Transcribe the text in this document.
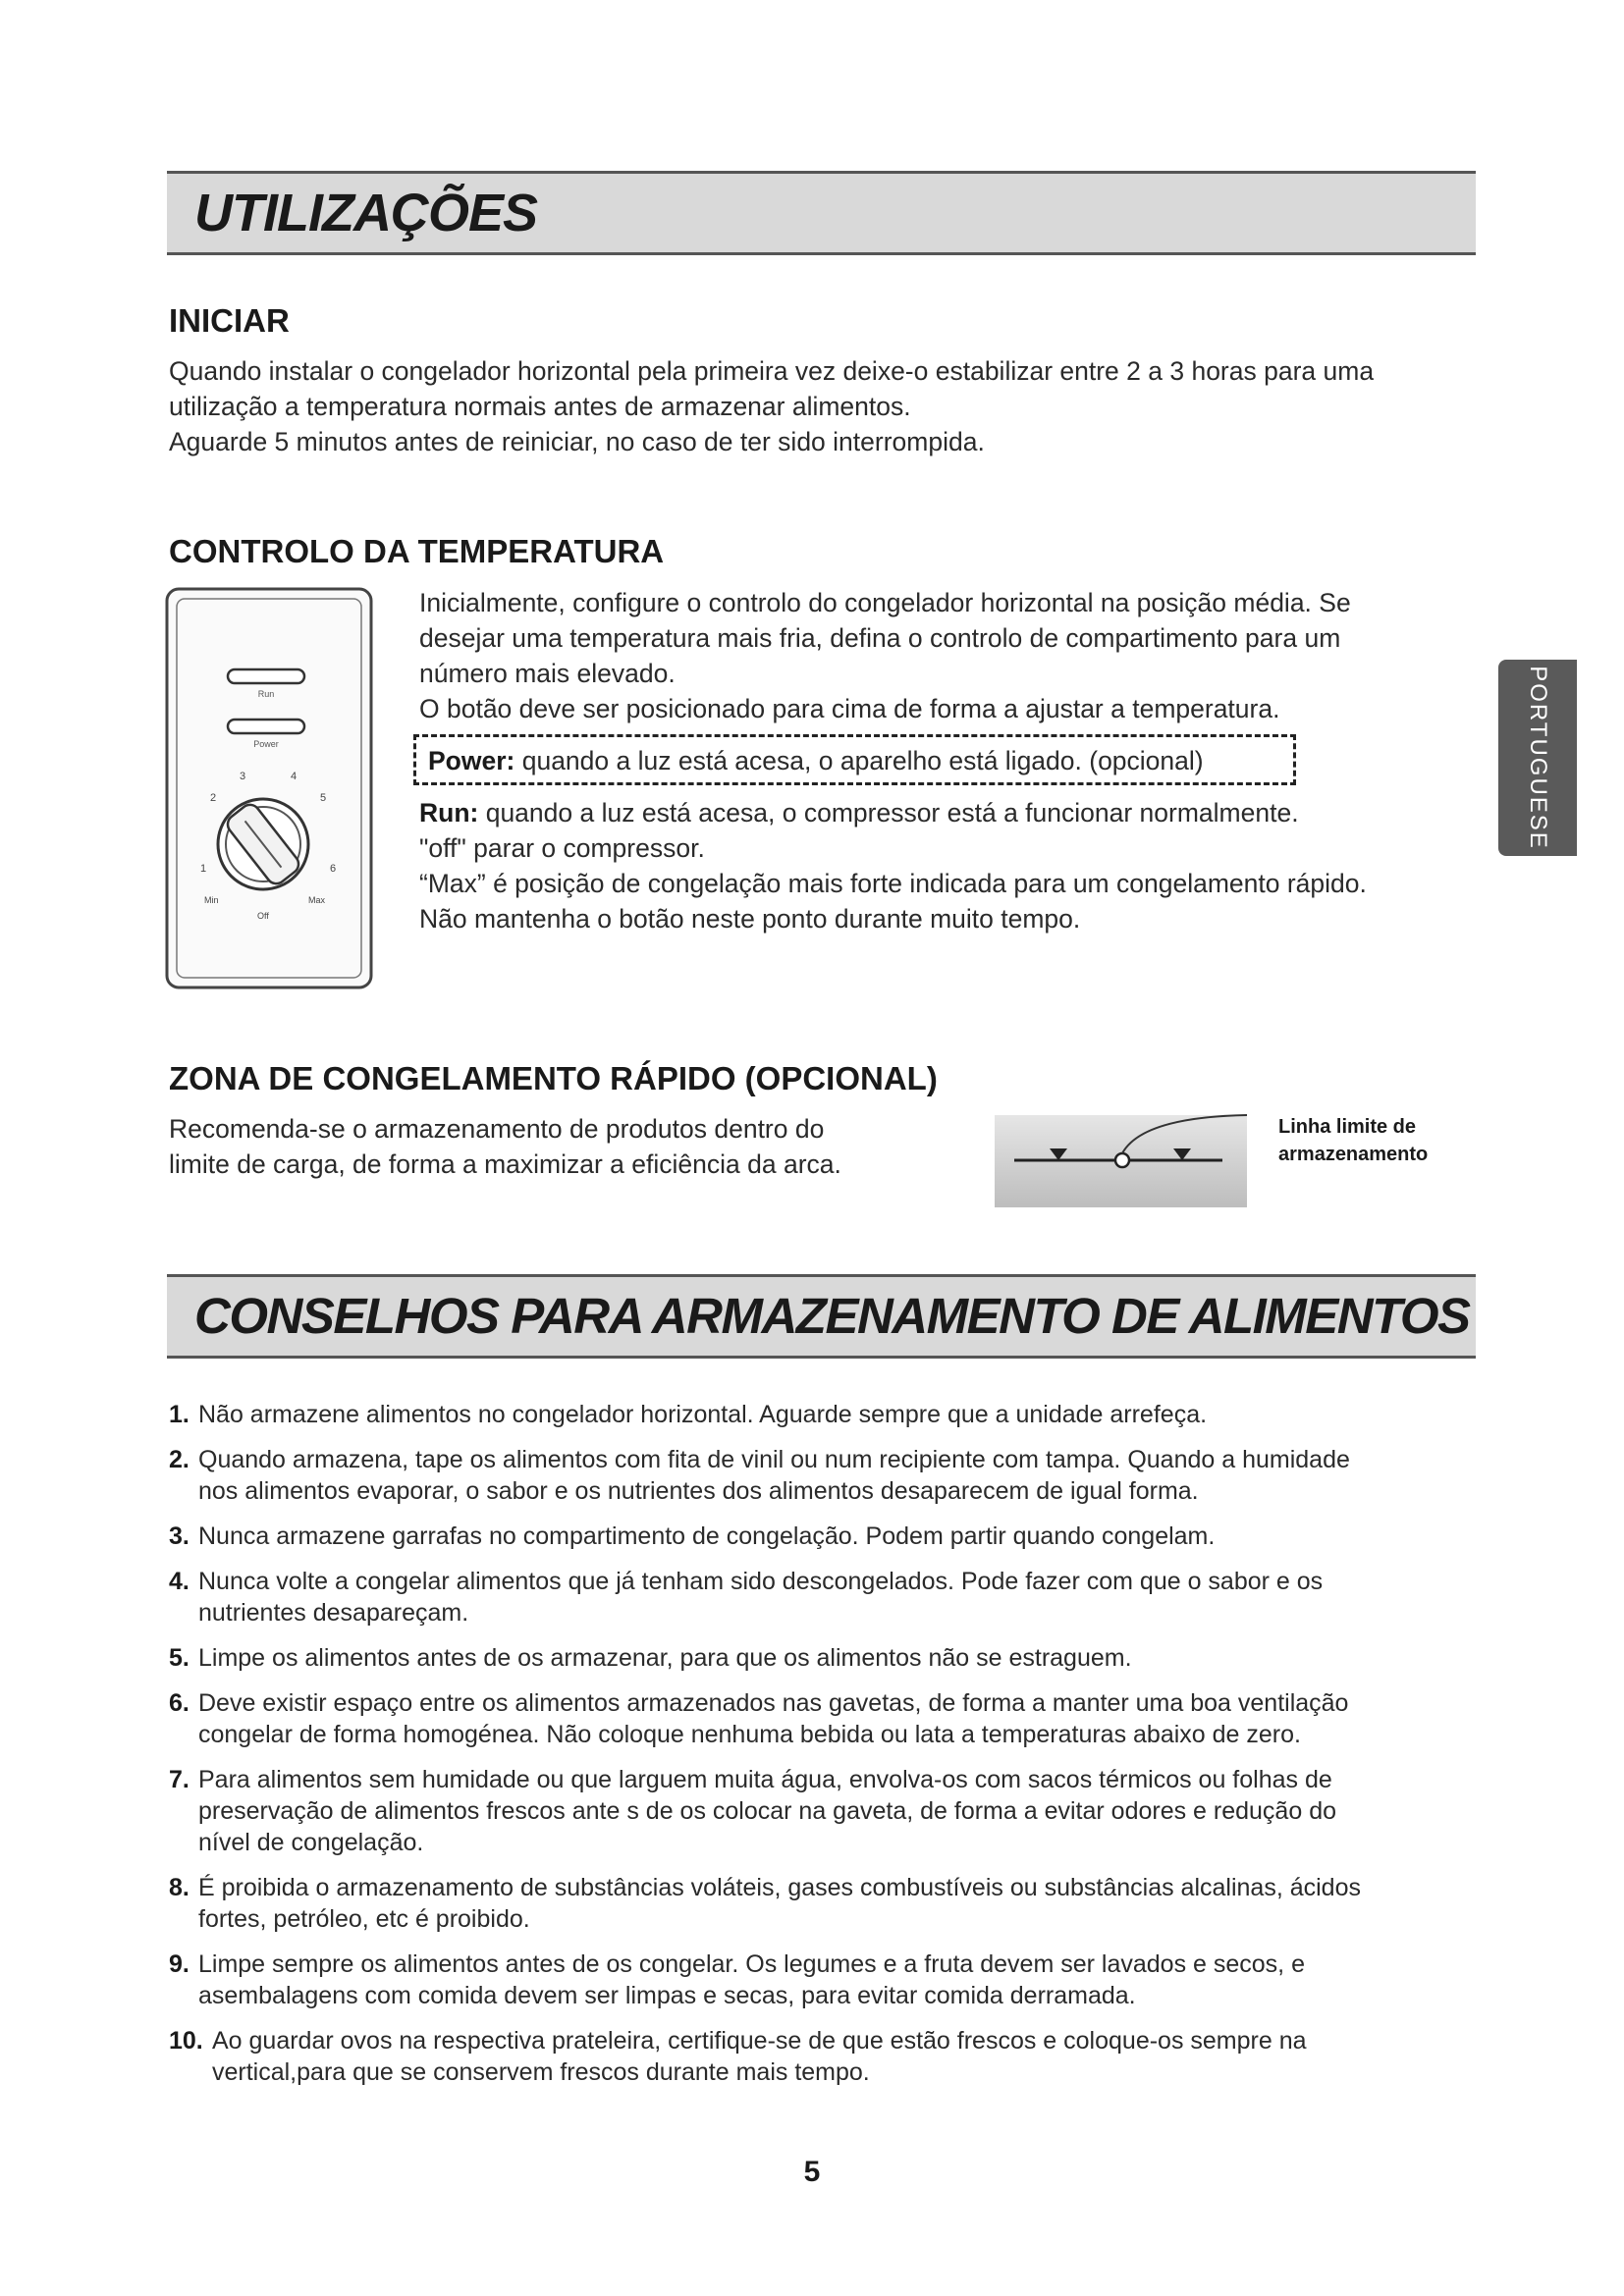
UTILIZAÇÕES
INICIAR
Quando instalar o congelador horizontal pela primeira vez deixe-o estabilizar entre 2 a 3 horas para uma
utilização a temperatura normais antes de armazenar alimentos.
Aguarde 5 minutos antes de reiniciar, no caso de ter sido interrompida.
CONTROLO DA TEMPERATURA
Run
Power
2
3	4
5
1	6
Min	Max
Off
Inicialmente, configure o controlo do congelador horizontal na posição média. Se
desejar uma temperatura mais fria, defina o controlo de compartimento para um
número mais elevado.
O botão deve ser posicionado para cima de forma a ajustar a temperatura.
Power: quando a luz está acesa, o aparelho está ligado. (opcional)
Run: quando a luz está acesa, o compressor está a funcionar normalmente.
"off" parar o compressor.
“Max” é posição de congelação mais forte indicada para um congelamento rápido.
Não mantenha o botão neste ponto durante muito tempo.
ZONA DE CONGELAMENTO RÁPIDO (OPCIONAL)
Recomenda-se o armazenamento de produtos dentro do
limite de carga, de forma a maximizar a eficiência da arca.
Linha limite de
armazenamento
CONSELHOS PARA ARMAZENAMENTO DE ALIMENTOS
1. Não armazene alimentos no congelador horizontal. Aguarde sempre que a unidade arrefeça.
2. Quando armazena, tape os alimentos com fita de vinil ou num recipiente com tampa. Quando a humidade
nos alimentos evaporar, o sabor e os nutrientes dos alimentos desaparecem de igual forma.
3. Nunca armazene garrafas no compartimento de congelação. Podem partir quando congelam.
4. Nunca volte a congelar alimentos que já tenham sido descongelados. Pode fazer com que o sabor e os
nutrientes desapareçam.
5. Limpe os alimentos antes de os armazenar, para que os alimentos não se estraguem.
6. Deve existir espaço entre os alimentos armazenados nas gavetas, de forma a manter uma boa ventilação
congelar de forma homogénea. Não coloque nenhuma bebida ou lata a temperaturas abaixo de zero.
7. Para alimentos sem humidade ou que larguem muita água, envolva-os com sacos térmicos ou folhas de
preservação de alimentos frescos ante s de os colocar na gaveta, de forma a evitar odores e redução do
nível de congelação.
8. É proibida o armazenamento de substâncias voláteis, gases combustíveis ou substâncias alcalinas, ácidos
fortes, petróleo, etc é proibido.
9. Limpe sempre os alimentos antes de os congelar. Os legumes e a fruta devem ser lavados e secos, e
asembalagens com comida devem ser limpas e secas, para evitar comida derramada.
10. Ao guardar ovos na respectiva prateleira, certifique-se de que estão frescos e coloque-os sempre na
vertical,para que se conservem frescos durante mais tempo.
5
PORTUGUESE
